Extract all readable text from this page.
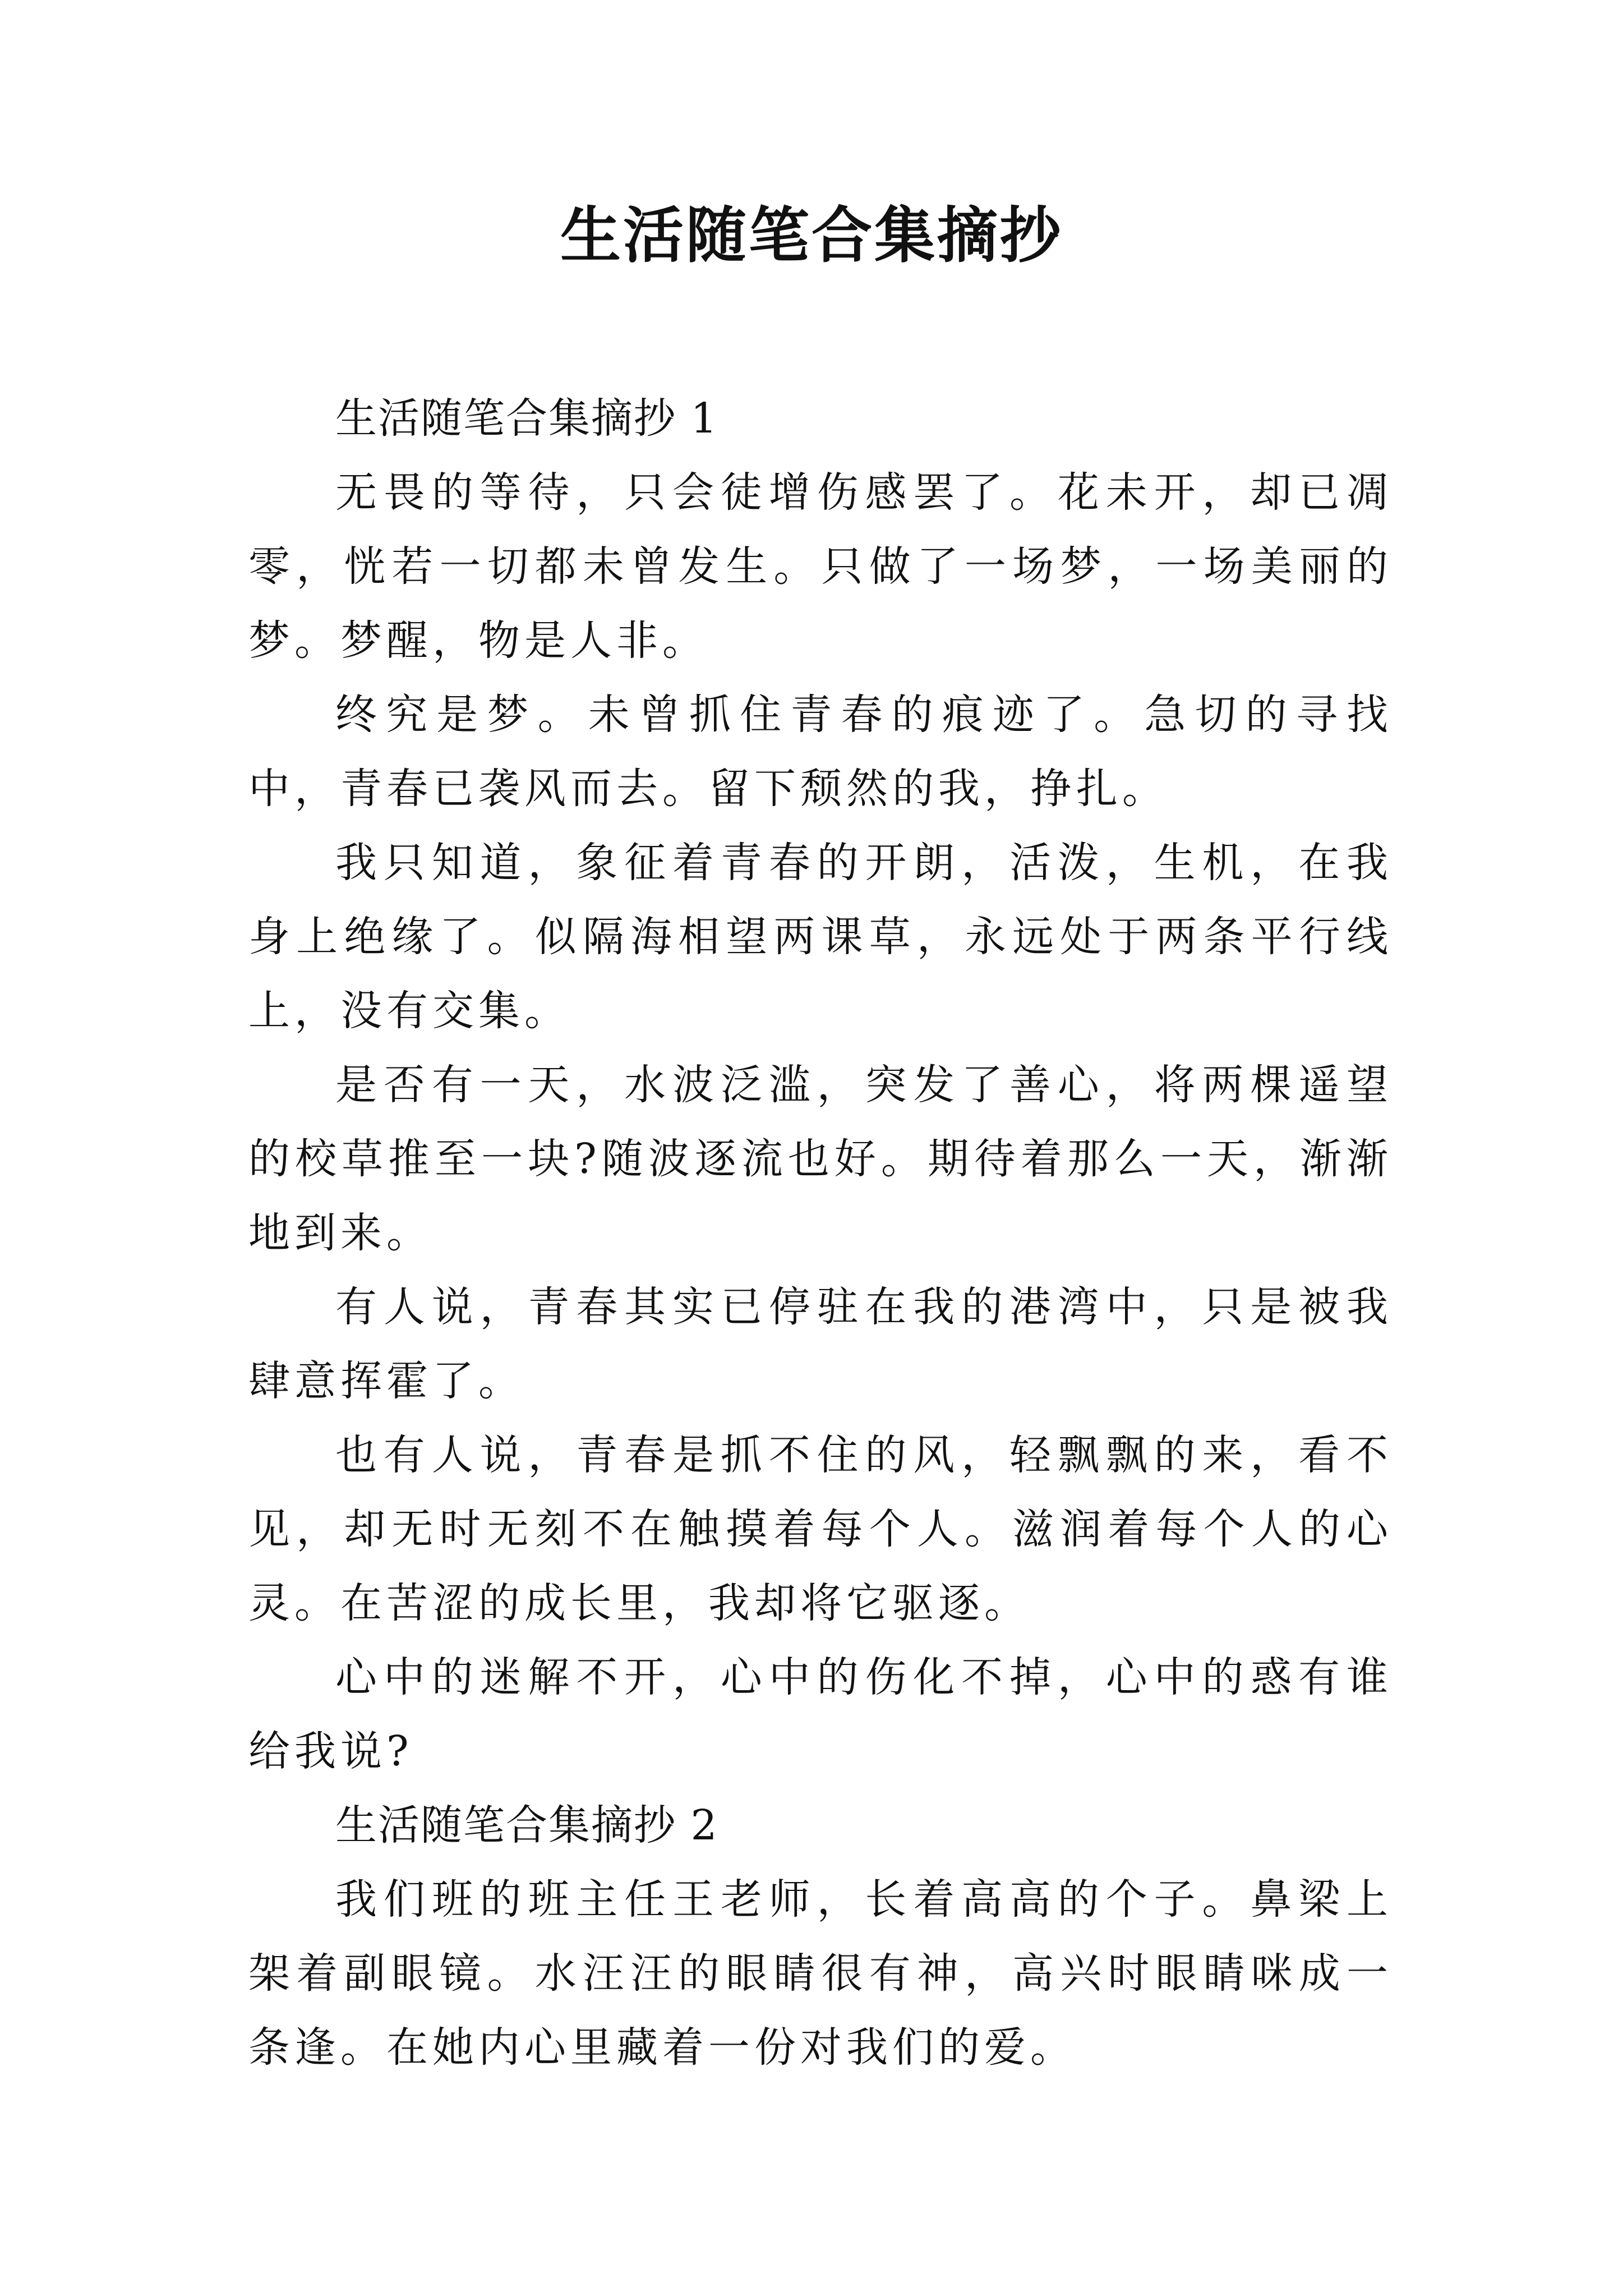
生活随笔合集摘抄

生活随笔合集摘抄 1

无畏的等待，只会徒增伤感罢了。花未开，却已凋零，恍若一切都未曾发生。只做了一场梦，一场美丽的梦。梦醒，物是人非。

终究是梦。未曾抓住青春的痕迹了。急切的寻找中，青春已袭风而去。留下颓然的我，挣扎。

我只知道，象征着青春的开朗，活泼，生机，在我身上绝缘了。似隔海相望两课草，永远处于两条平行线上，没有交集。

是否有一天，水波泛滥，突发了善心，将两棵遥望的校草推至一块?随波逐流也好。期待着那么一天，渐渐地到来。

有人说，青春其实已停驻在我的港湾中，只是被我肆意挥霍了。

也有人说，青春是抓不住的风，轻飘飘的来，看不见，却无时无刻不在触摸着每个人。滋润着每个人的心灵。在苦涩的成长里，我却将它驱逐。

心中的迷解不开，心中的伤化不掉，心中的惑有谁给我说?

生活随笔合集摘抄 2

我们班的班主任王老师，长着高高的个子。鼻梁上架着副眼镜。水汪汪的眼睛很有神，高兴时眼睛咪成一条逢。在她内心里藏着一份对我们的爱。
